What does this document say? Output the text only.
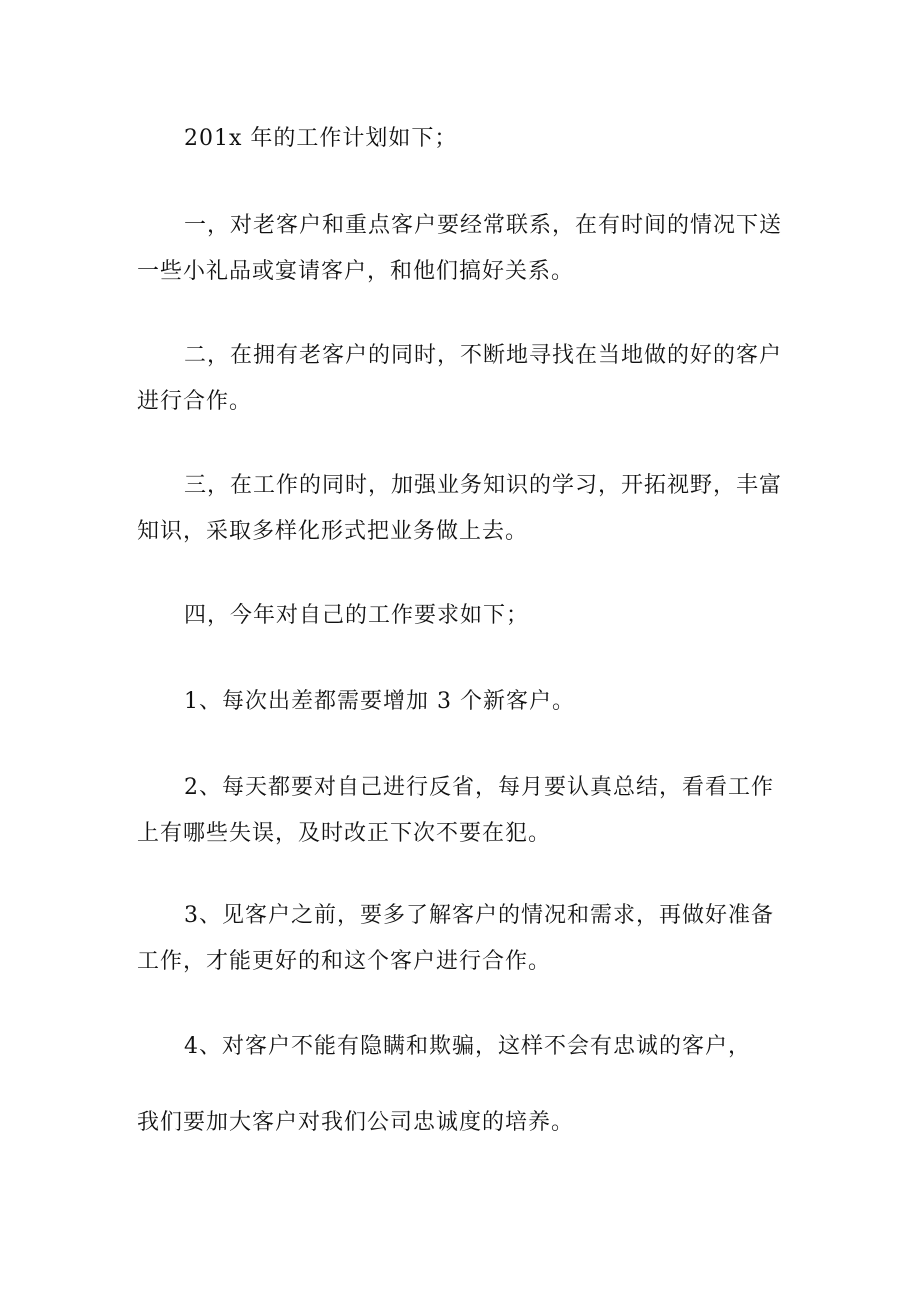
201x 年的工作计划如下；

一，对老客户和重点客户要经常联系，在有时间的情况下送
一些小礼品或宴请客户，和他们搞好关系。

二，在拥有老客户的同时，不断地寻找在当地做的好的客户
进行合作。

三，在工作的同时，加强业务知识的学习，开拓视野，丰富
知识，采取多样化形式把业务做上去。

四，今年对自己的工作要求如下；

1、每次出差都需要增加 3 个新客户。

2、每天都要对自己进行反省，每月要认真总结，看看工作
上有哪些失误，及时改正下次不要在犯。

3、见客户之前，要多了解客户的情况和需求，再做好准备
工作，才能更好的和这个客户进行合作。

4、对客户不能有隐瞒和欺骗，这样不会有忠诚的客户，

我们要加大客户对我们公司忠诚度的培养。
